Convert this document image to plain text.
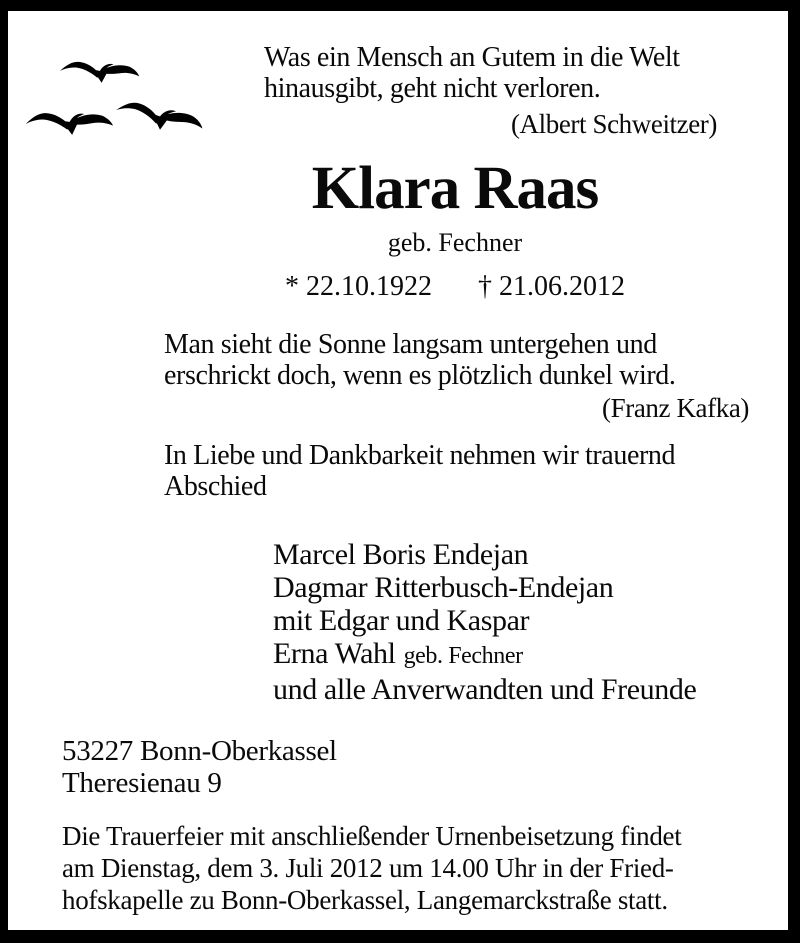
Was ein Mensch an Gutem in die Welt
hinausgibt, geht nicht verloren.
(Albert Schweitzer)
Klara Raas
geb. Fechner
* 22.10.1922 † 21.06.2012
Man sieht die Sonne langsam untergehen und
erschrickt doch, wenn es plötzlich dunkel wird.
(Franz Kafka)
In Liebe und Dankbarkeit nehmen wir trauernd
Abschied
Marcel Boris Endejan
Dagmar Ritterbusch-Endejan
mit Edgar und Kaspar
Erna Wahl geb. Fechner
und alle Anverwandten und Freunde
53227 Bonn-Oberkassel
Theresienau 9
Die Trauerfeier mit anschließender Urnenbeisetzung findet
am Dienstag, dem 3. Juli 2012 um 14.00 Uhr in der Fried-
hofskapelle zu Bonn-Oberkassel, Langemarckstraße statt.
